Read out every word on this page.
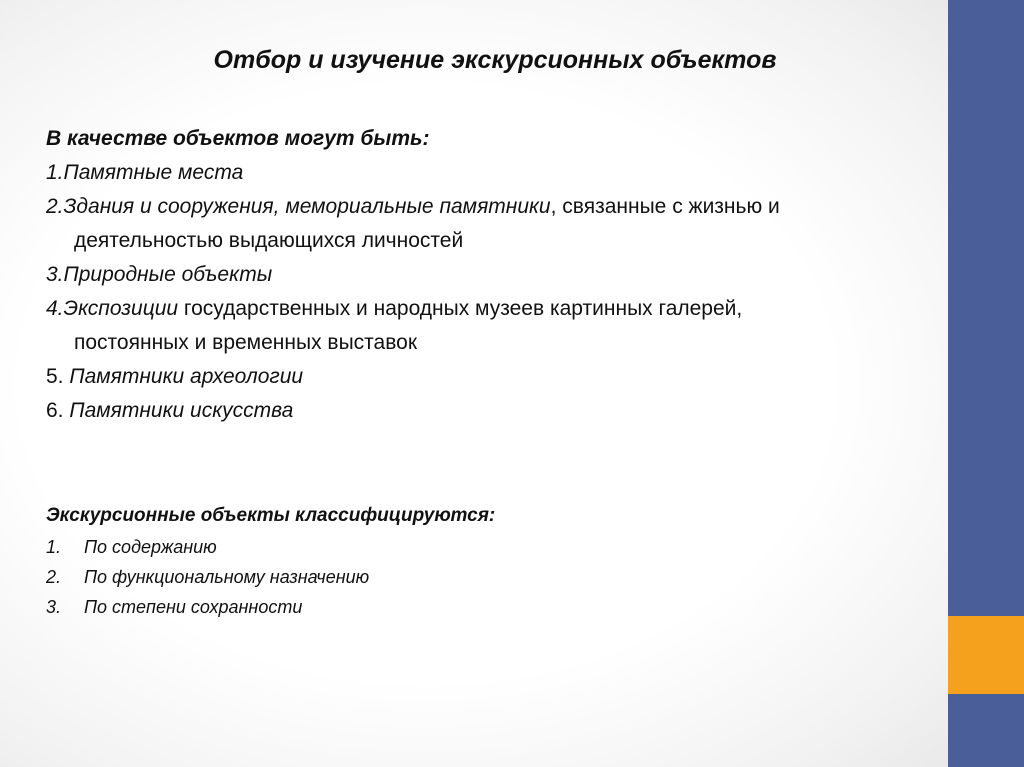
Отбор и изучение экскурсионных объектов
В качестве объектов могут быть:
1.Памятные места
2.Здания и сооружения, мемориальные памятники, связанные с жизнью и
деятельностью выдающихся личностей
3.Природные объекты
4.Экспозиции государственных и народных музеев картинных галерей,
постоянных и временных выставок
5. Памятники археологии
6. Памятники искусства
Экскурсионные объекты классифицируются:
1.	По содержанию
2.	По функциональному назначению
3.	По степени сохранности
